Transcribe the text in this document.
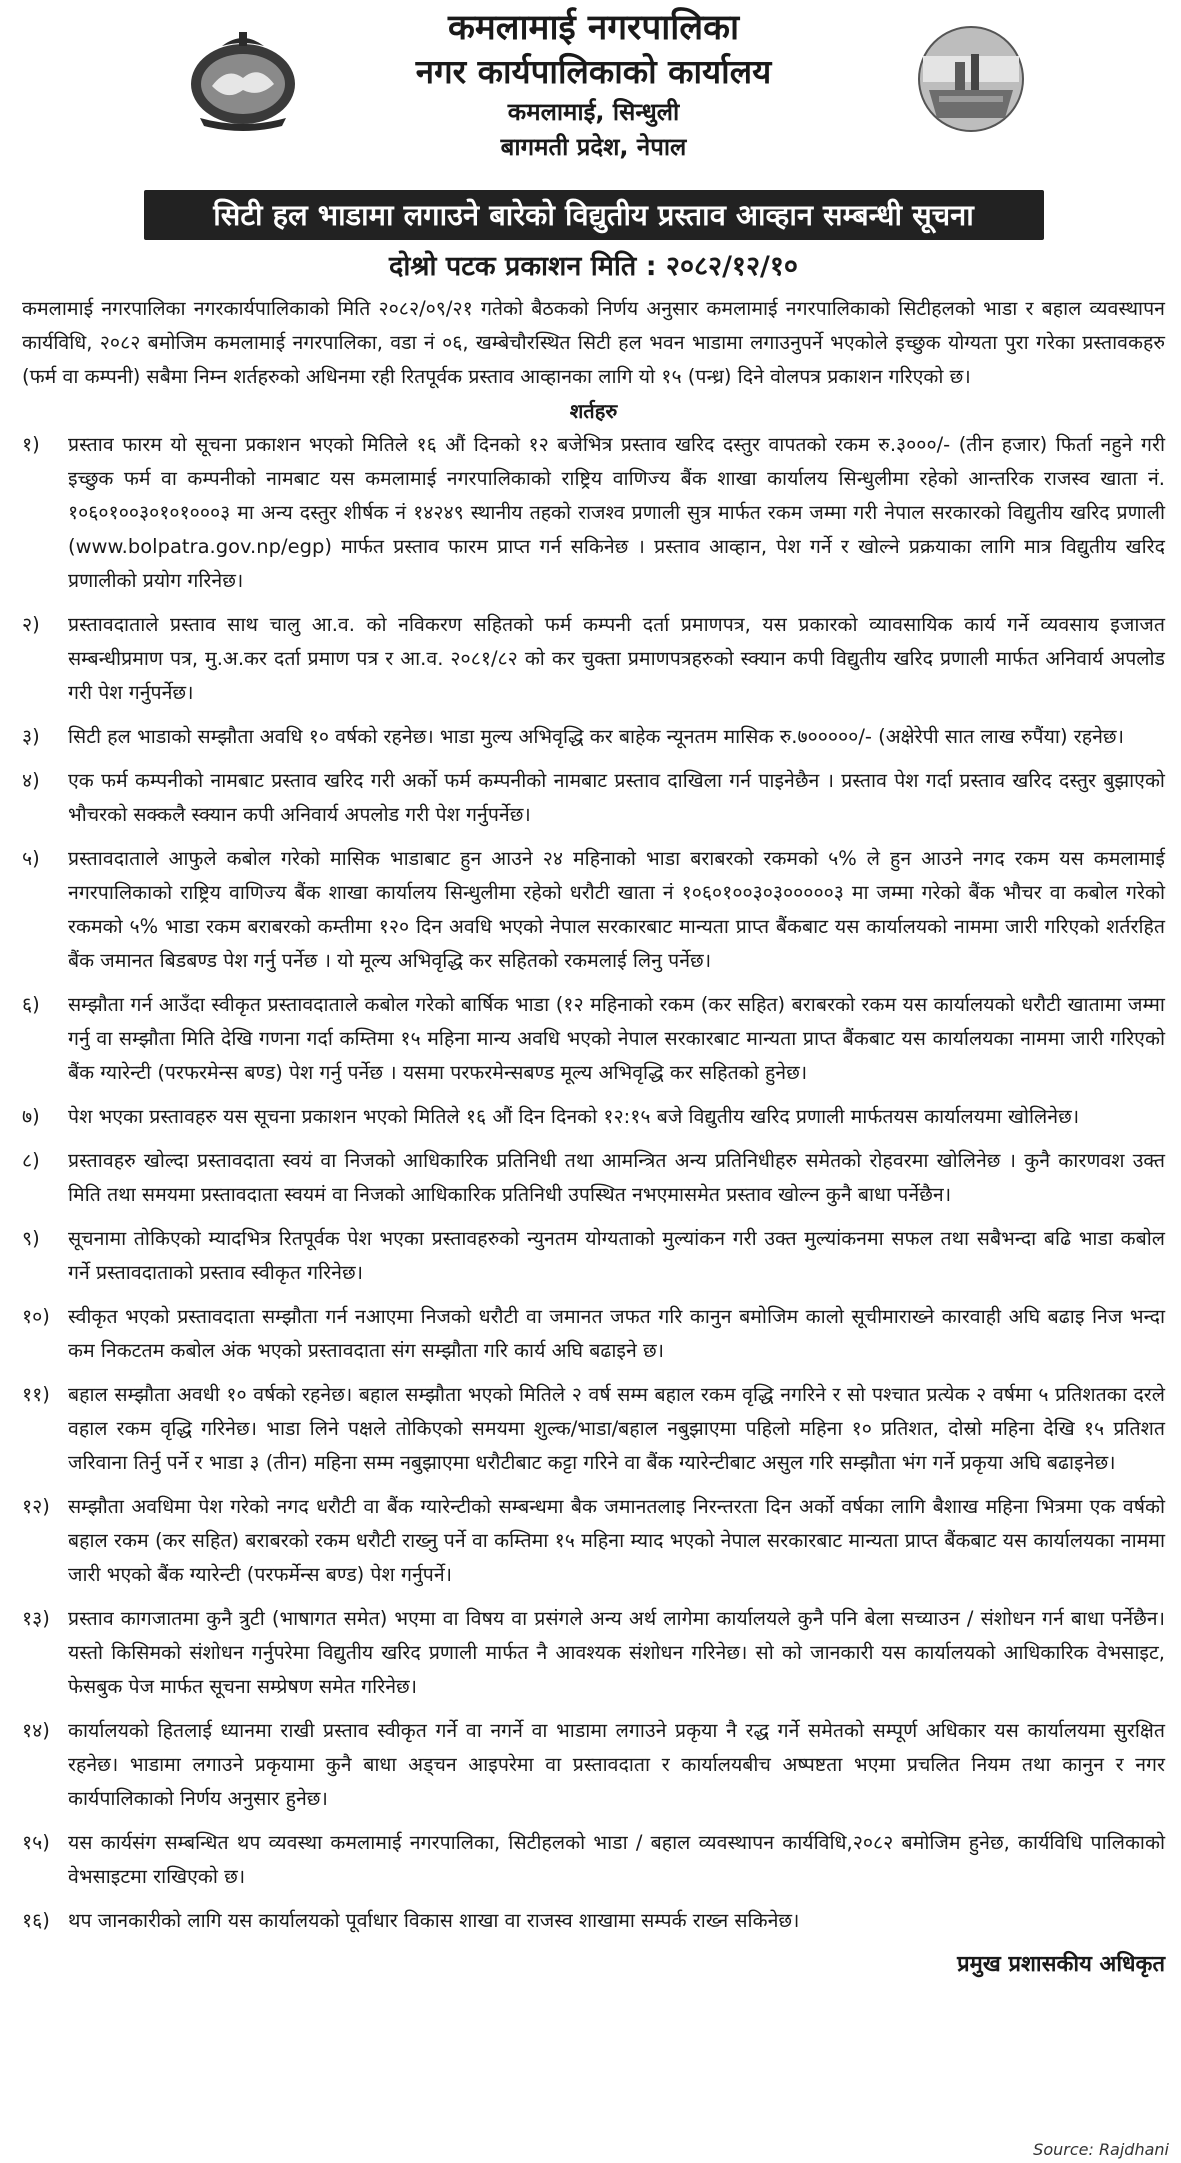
कमलामाई नगरपालिका
नगर कार्यपालिकाको कार्यालय
कमलामाई, सिन्धुली
बागमती प्रदेश, नेपाल
सिटी हल भाडामा लगाउने बारेको विद्युतीय प्रस्ताव आव्हान सम्बन्धी सूचना
दोश्रो पटक प्रकाशन मिति : २०८२/१२/१०

कमलामाई नगरपालिका नगरकार्यपालिकाको मिति २०८२/०९/२१ गतेको बैठकको निर्णय अनुसार कमलामाई नगरपालिकाको सिटीहलको भाडा र बहाल व्यवस्थापन कार्यविधि, २०८२ बमोजिम कमलामाई नगरपालिका, वडा नं ०६, खम्बेचौरस्थित सिटी हल भवन भाडामा लगाउनुपर्ने भएकोले इच्छुक योग्यता पुरा गरेका प्रस्तावकहरु (फर्म वा कम्पनी) सबैमा निम्न शर्तहरुको अधिनमा रही रितपूर्वक प्रस्ताव आव्हानका लागि यो १५ (पन्ध्र) दिने वोलपत्र प्रकाशन गरिएको छ।

शर्तहरु
१)	प्रस्ताव फारम यो सूचना प्रकाशन भएको मितिले १६ औं दिनको १२ बजेभित्र प्रस्ताव खरिद दस्तुर वापतको रकम रु.३०००/- (तीन हजार) फिर्ता नहुने गरी इच्छुक फर्म वा कम्पनीको नामबाट यस कमलामाई नगरपालिकाको राष्ट्रिय वाणिज्य बैंक शाखा कार्यालय सिन्धुलीमा रहेको आन्तरिक राजस्व खाता नं. १०६०१००३०१०१०००३ मा अन्य दस्तुर शीर्षक नं १४२४९ स्थानीय तहको राजश्व प्रणाली सुत्र मार्फत रकम जम्मा गरी नेपाल सरकारको विद्युतीय खरिद प्रणाली (www.bolpatra.gov.np/egp) मार्फत प्रस्ताव फारम प्राप्त गर्न सकिनेछ । प्रस्ताव आव्हान, पेश गर्ने र खोल्ने प्रक्रयाका लागि मात्र विद्युतीय खरिद प्रणालीको प्रयोग गरिनेछ।
२)	प्रस्तावदाताले प्रस्ताव साथ चालु आ.व. को नविकरण सहितको फर्म कम्पनी दर्ता प्रमाणपत्र, यस प्रकारको व्यावसायिक कार्य गर्ने व्यवसाय इजाजत सम्बन्धीप्रमाण पत्र, मु.अ.कर दर्ता प्रमाण पत्र र आ.व. २०८१/८२ को कर चुक्ता प्रमाणपत्रहरुको स्क्यान कपी विद्युतीय खरिद प्रणाली मार्फत अनिवार्य अपलोड गरी पेश गर्नुपर्नेछ।
३)	सिटी हल भाडाको सम्झौता अवधि १० वर्षको रहनेछ। भाडा मुल्य अभिवृद्धि कर बाहेक न्यूनतम मासिक रु.७०००००/- (अक्षेरेपी सात लाख रुपैंया) रहनेछ।
४)	एक फर्म कम्पनीको नामबाट प्रस्ताव खरिद गरी अर्को फर्म कम्पनीको नामबाट प्रस्ताव दाखिला गर्न पाइनेछैन । प्रस्ताव पेश गर्दा प्रस्ताव खरिद दस्तुर बुझाएको भौचरको सक्कलै स्क्यान कपी अनिवार्य अपलोड गरी पेश गर्नुपर्नेछ।
५)	प्रस्तावदाताले आफुले कबोल गरेको मासिक भाडाबाट हुन आउने २४ महिनाको भाडा बराबरको रकमको ५% ले हुन आउने नगद रकम यस कमलामाई नगरपालिकाको राष्ट्रिय वाणिज्य बैंक शाखा कार्यालय सिन्धुलीमा रहेको धरौटी खाता नं १०६०१००३०३०००००३ मा जम्मा गरेको बैंक भौचर वा कबोल गरेको रकमको ५% भाडा रकम बराबरको कम्तीमा १२० दिन अवधि भएको नेपाल सरकारबाट मान्यता प्राप्त बैंकबाट यस कार्यालयको नाममा जारी गरिएको शर्तरहित बैंक जमानत बिडबण्ड पेश गर्नु पर्नेछ । यो मूल्य अभिवृद्धि कर सहितको रकमलाई लिनु पर्नेछ।
६)	सम्झौता गर्न आउँदा स्वीकृत प्रस्तावदाताले कबोल गरेको बार्षिक भाडा (१२ महिनाको रकम (कर सहित) बराबरको रकम यस कार्यालयको धरौटी खातामा जम्मा गर्नु वा सम्झौता मिति देखि गणना गर्दा कम्तिमा १५ महिना मान्य अवधि भएको नेपाल सरकारबाट मान्यता प्राप्त बैंकबाट यस कार्यालयका नाममा जारी गरिएको बैंक ग्यारेन्टी (परफरमेन्स बण्ड) पेश गर्नु पर्नेछ । यसमा परफरमेन्सबण्ड मूल्य अभिवृद्धि कर सहितको हुनेछ।
७)	पेश भएका प्रस्तावहरु यस सूचना प्रकाशन भएको मितिले १६ औं दिन दिनको १२:१५ बजे विद्युतीय खरिद प्रणाली मार्फतयस कार्यालयमा खोलिनेछ।
८)	प्रस्तावहरु खोल्दा प्रस्तावदाता स्वयं वा निजको आधिकारिक प्रतिनिधी तथा आमन्त्रित अन्य प्रतिनिधीहरु समेतको रोहवरमा खोलिनेछ । कुनै कारणवश उक्त मिति तथा समयमा प्रस्तावदाता स्वयमं वा निजको आधिकारिक प्रतिनिधी उपस्थित नभएमासमेत प्रस्ताव खोल्न कुनै बाधा पर्नेछैन।
९)	सूचनामा तोकिएको म्यादभित्र रितपूर्वक पेश भएका प्रस्तावहरुको न्युनतम योग्यताको मुल्यांकन गरी उक्त मुल्यांकनमा सफल तथा सबैभन्दा बढि भाडा कबोल गर्ने प्रस्तावदाताको प्रस्ताव स्वीकृत गरिनेछ।
१०) स्वीकृत भएको प्रस्तावदाता सम्झौता गर्न नआएमा निजको धरौटी वा जमानत जफत गरि कानुन बमोजिम कालो सूचीमाराख्ने कारवाही अघि बढाइ निज भन्दा कम निकटतम कबोल अंक भएको प्रस्तावदाता संग सम्झौता गरि कार्य अघि बढाइने छ।
११) बहाल सम्झौता अवधी १० वर्षको रहनेछ। बहाल सम्झौता भएको मितिले २ वर्ष सम्म बहाल रकम वृद्धि नगरिने र सो पश्चात प्रत्येक २ वर्षमा ५ प्रतिशतका दरले वहाल रकम वृद्धि गरिनेछ। भाडा लिने पक्षले तोकिएको समयमा शुल्क/भाडा/बहाल नबुझाएमा पहिलो महिना १० प्रतिशत, दोस्रो महिना देखि १५ प्रतिशत जरिवाना तिर्नु पर्ने र भाडा ३ (तीन) महिना सम्म नबुझाएमा धरौटीबाट कट्टा गरिने वा बैंक ग्यारेन्टीबाट असुल गरि सम्झौता भंग गर्ने प्रकृया अघि बढाइनेछ।
१२) सम्झौता अवधिमा पेश गरेको नगद धरौटी वा बैंक ग्यारेन्टीको सम्बन्धमा बैक जमानतलाइ निरन्तरता दिन अर्को वर्षका लागि बैशाख महिना भित्रमा एक वर्षको बहाल रकम (कर सहित) बराबरको रकम धरौटी राख्नु पर्ने वा कम्तिमा १५ महिना म्याद भएको नेपाल सरकारबाट मान्यता प्राप्त बैंकबाट यस कार्यालयका नाममा जारी भएको बैंक ग्यारेन्टी (परफर्मेन्स बण्ड) पेश गर्नुपर्ने।
१३) प्रस्ताव कागजातमा कुनै त्रुटी (भाषागत समेत) भएमा वा विषय वा प्रसंगले अन्य अर्थ लागेमा कार्यालयले कुनै पनि बेला सच्याउन / संशोधन गर्न बाधा पर्नेछैन। यस्तो किसिमको संशोधन गर्नुपरेमा विद्युतीय खरिद प्रणाली मार्फत नै आवश्यक संशोधन गरिनेछ। सो को जानकारी यस कार्यालयको आधिकारिक वेभसाइट, फेसबुक पेज मार्फत सूचना सम्प्रेषण समेत गरिनेछ।
१४) कार्यालयको हितलाई ध्यानमा राखी प्रस्ताव स्वीकृत गर्ने वा नगर्ने वा भाडामा लगाउने प्रकृया नै रद्ध गर्ने समेतको सम्पूर्ण अधिकार यस कार्यालयमा सुरक्षित रहनेछ। भाडामा लगाउने प्रकृयामा कुनै बाधा अड्चन आइपरेमा वा प्रस्तावदाता र कार्यालयबीच अष्पष्टता भएमा प्रचलित नियम तथा कानुन र नगर कार्यपालिकाको निर्णय अनुसार हुनेछ।
१५) यस कार्यसंग सम्बन्धित थप व्यवस्था कमलामाई नगरपालिका, सिटीहलको भाडा / बहाल व्यवस्थापन कार्यविधि,२०८२ बमोजिम हुनेछ, कार्यविधि पालिकाको वेभसाइटमा राखिएको छ।
१६) थप जानकारीको लागि यस कार्यालयको पूर्वाधार विकास शाखा वा राजस्व शाखामा सम्पर्क राख्न सकिनेछ।
प्रमुख प्रशासकीय अधिकृत
Source: Rajdhani
